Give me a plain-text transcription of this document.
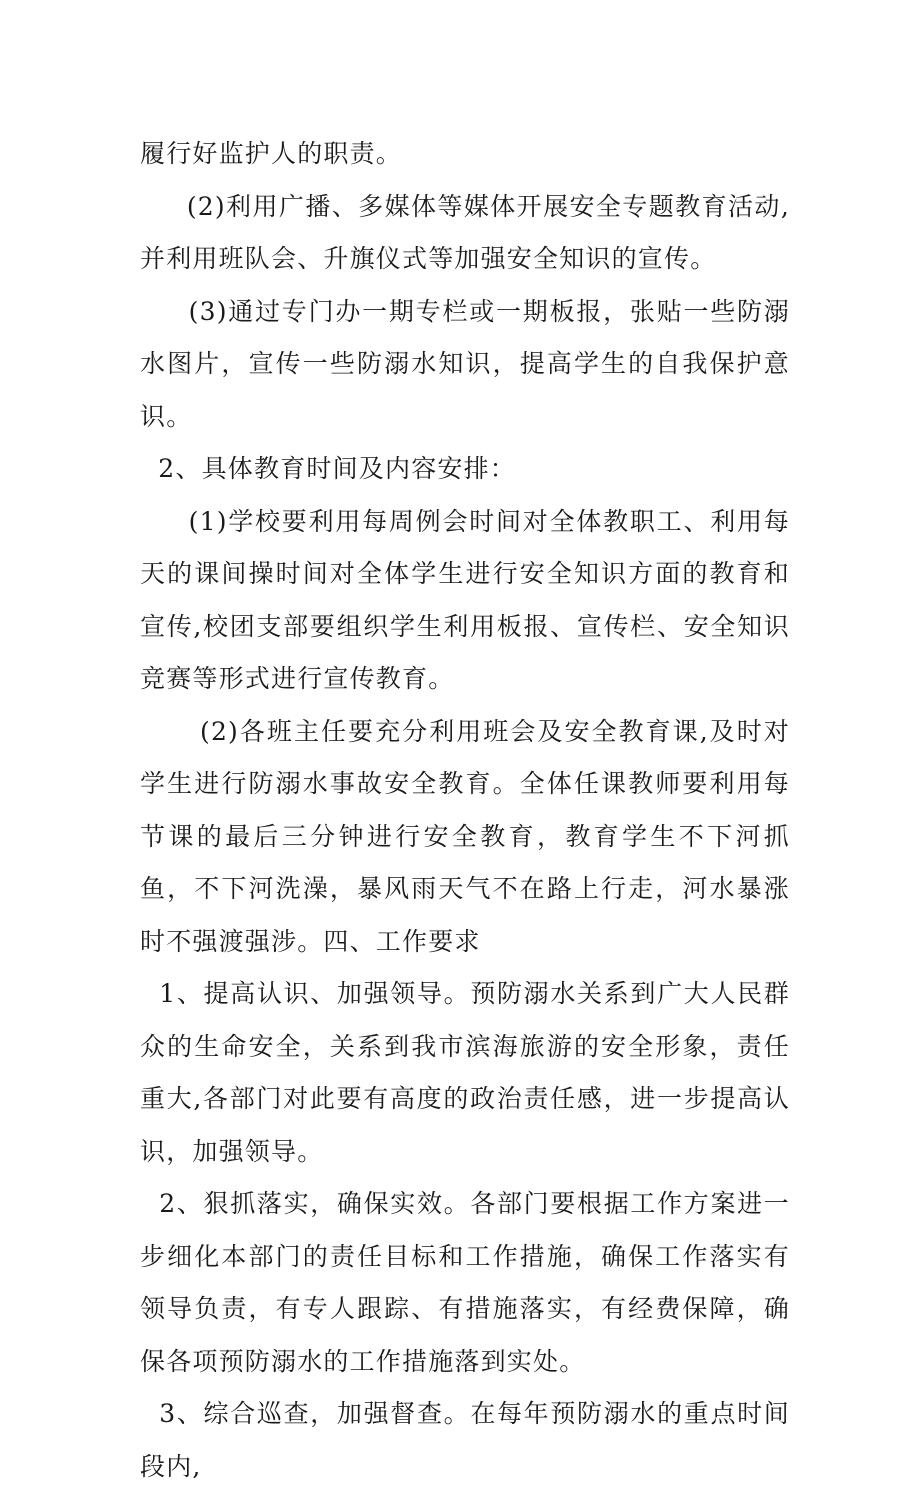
履行好监护人的职责。

(2)利用广播、多媒体等媒体开展安全专题教育活动,并利用班队会、升旗仪式等加强安全知识的宣传。

(3)通过专门办一期专栏或一期板报，张贴一些防溺水图片，宣传一些防溺水知识，提高学生的自我保护意识。

2、具体教育时间及内容安排：

(1)学校要利用每周例会时间对全体教职工、利用每天的课间操时间对全体学生进行安全知识方面的教育和宣传,校团支部要组织学生利用板报、宣传栏、安全知识竞赛等形式进行宣传教育。

(2)各班主任要充分利用班会及安全教育课,及时对学生进行防溺水事故安全教育。全体任课教师要利用每节课的最后三分钟进行安全教育，教育学生不下河抓鱼，不下河洗澡，暴风雨天气不在路上行走，河水暴涨时不强渡强涉。四、工作要求

1、提高认识、加强领导。预防溺水关系到广大人民群众的生命安全，关系到我市滨海旅游的安全形象，责任重大,各部门对此要有高度的政治责任感，进一步提高认识，加强领导。

2、狠抓落实，确保实效。各部门要根据工作方案进一步细化本部门的责任目标和工作措施，确保工作落实有领导负责，有专人跟踪、有措施落实，有经费保障，确保各项预防溺水的工作措施落到实处。

3、综合巡查，加强督查。在每年预防溺水的重点时间段内,
